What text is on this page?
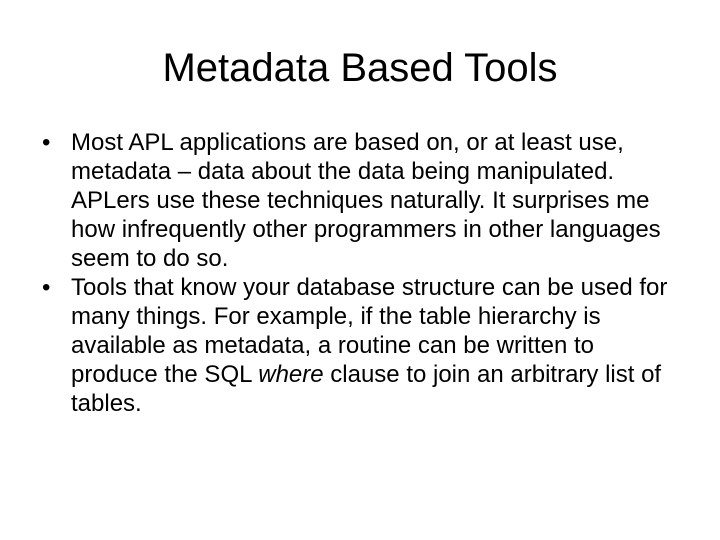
Metadata Based Tools
• Most APL applications are based on, or at least use, metadata – data about the data being manipulated. APLers use these techniques naturally. It surprises me how infrequently other programmers in other languages seem to do so.
• Tools that know your database structure can be used for many things. For example, if the table hierarchy is available as metadata, a routine can be written to produce the SQL where clause to join an arbitrary list of tables.
